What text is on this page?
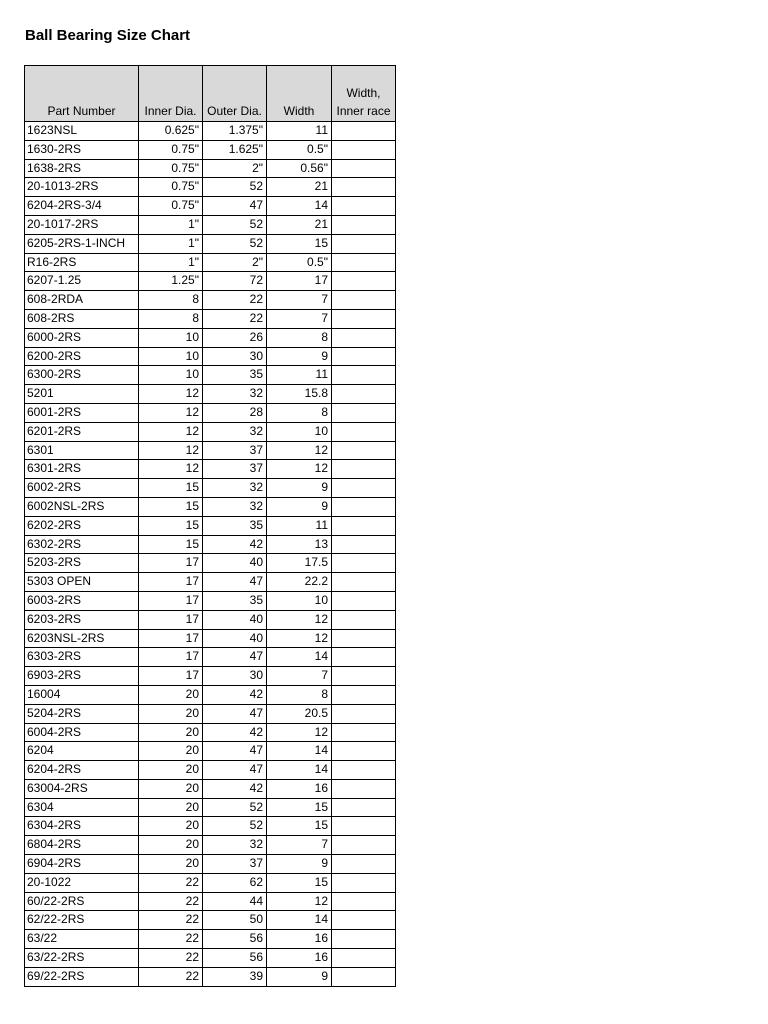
Ball Bearing Size Chart
Part Number	Inner Dia.	Outer Dia.	Width	Width, Inner race
1623NSL	0.625"	1.375"	11	
1630-2RS	0.75"	1.625"	0.5"	
1638-2RS	0.75"	2"	0.56"	
20-1013-2RS	0.75"	52	21	
6204-2RS-3/4	0.75"	47	14	
20-1017-2RS	1"	52	21	
6205-2RS-1-INCH	1"	52	15	
R16-2RS	1"	2"	0.5"	
6207-1.25	1.25"	72	17	
608-2RDA	8	22	7	
608-2RS	8	22	7	
6000-2RS	10	26	8	
6200-2RS	10	30	9	
6300-2RS	10	35	11	
5201	12	32	15.8	
6001-2RS	12	28	8	
6201-2RS	12	32	10	
6301	12	37	12	
6301-2RS	12	37	12	
6002-2RS	15	32	9	
6002NSL-2RS	15	32	9	
6202-2RS	15	35	11	
6302-2RS	15	42	13	
5203-2RS	17	40	17.5	
5303 OPEN	17	47	22.2	
6003-2RS	17	35	10	
6203-2RS	17	40	12	
6203NSL-2RS	17	40	12	
6303-2RS	17	47	14	
6903-2RS	17	30	7	
16004	20	42	8	
5204-2RS	20	47	20.5	
6004-2RS	20	42	12	
6204	20	47	14	
6204-2RS	20	47	14	
63004-2RS	20	42	16	
6304	20	52	15	
6304-2RS	20	52	15	
6804-2RS	20	32	7	
6904-2RS	20	37	9	
20-1022	22	62	15	
60/22-2RS	22	44	12	
62/22-2RS	22	50	14	
63/22	22	56	16	
63/22-2RS	22	56	16	
69/22-2RS	22	39	9	
